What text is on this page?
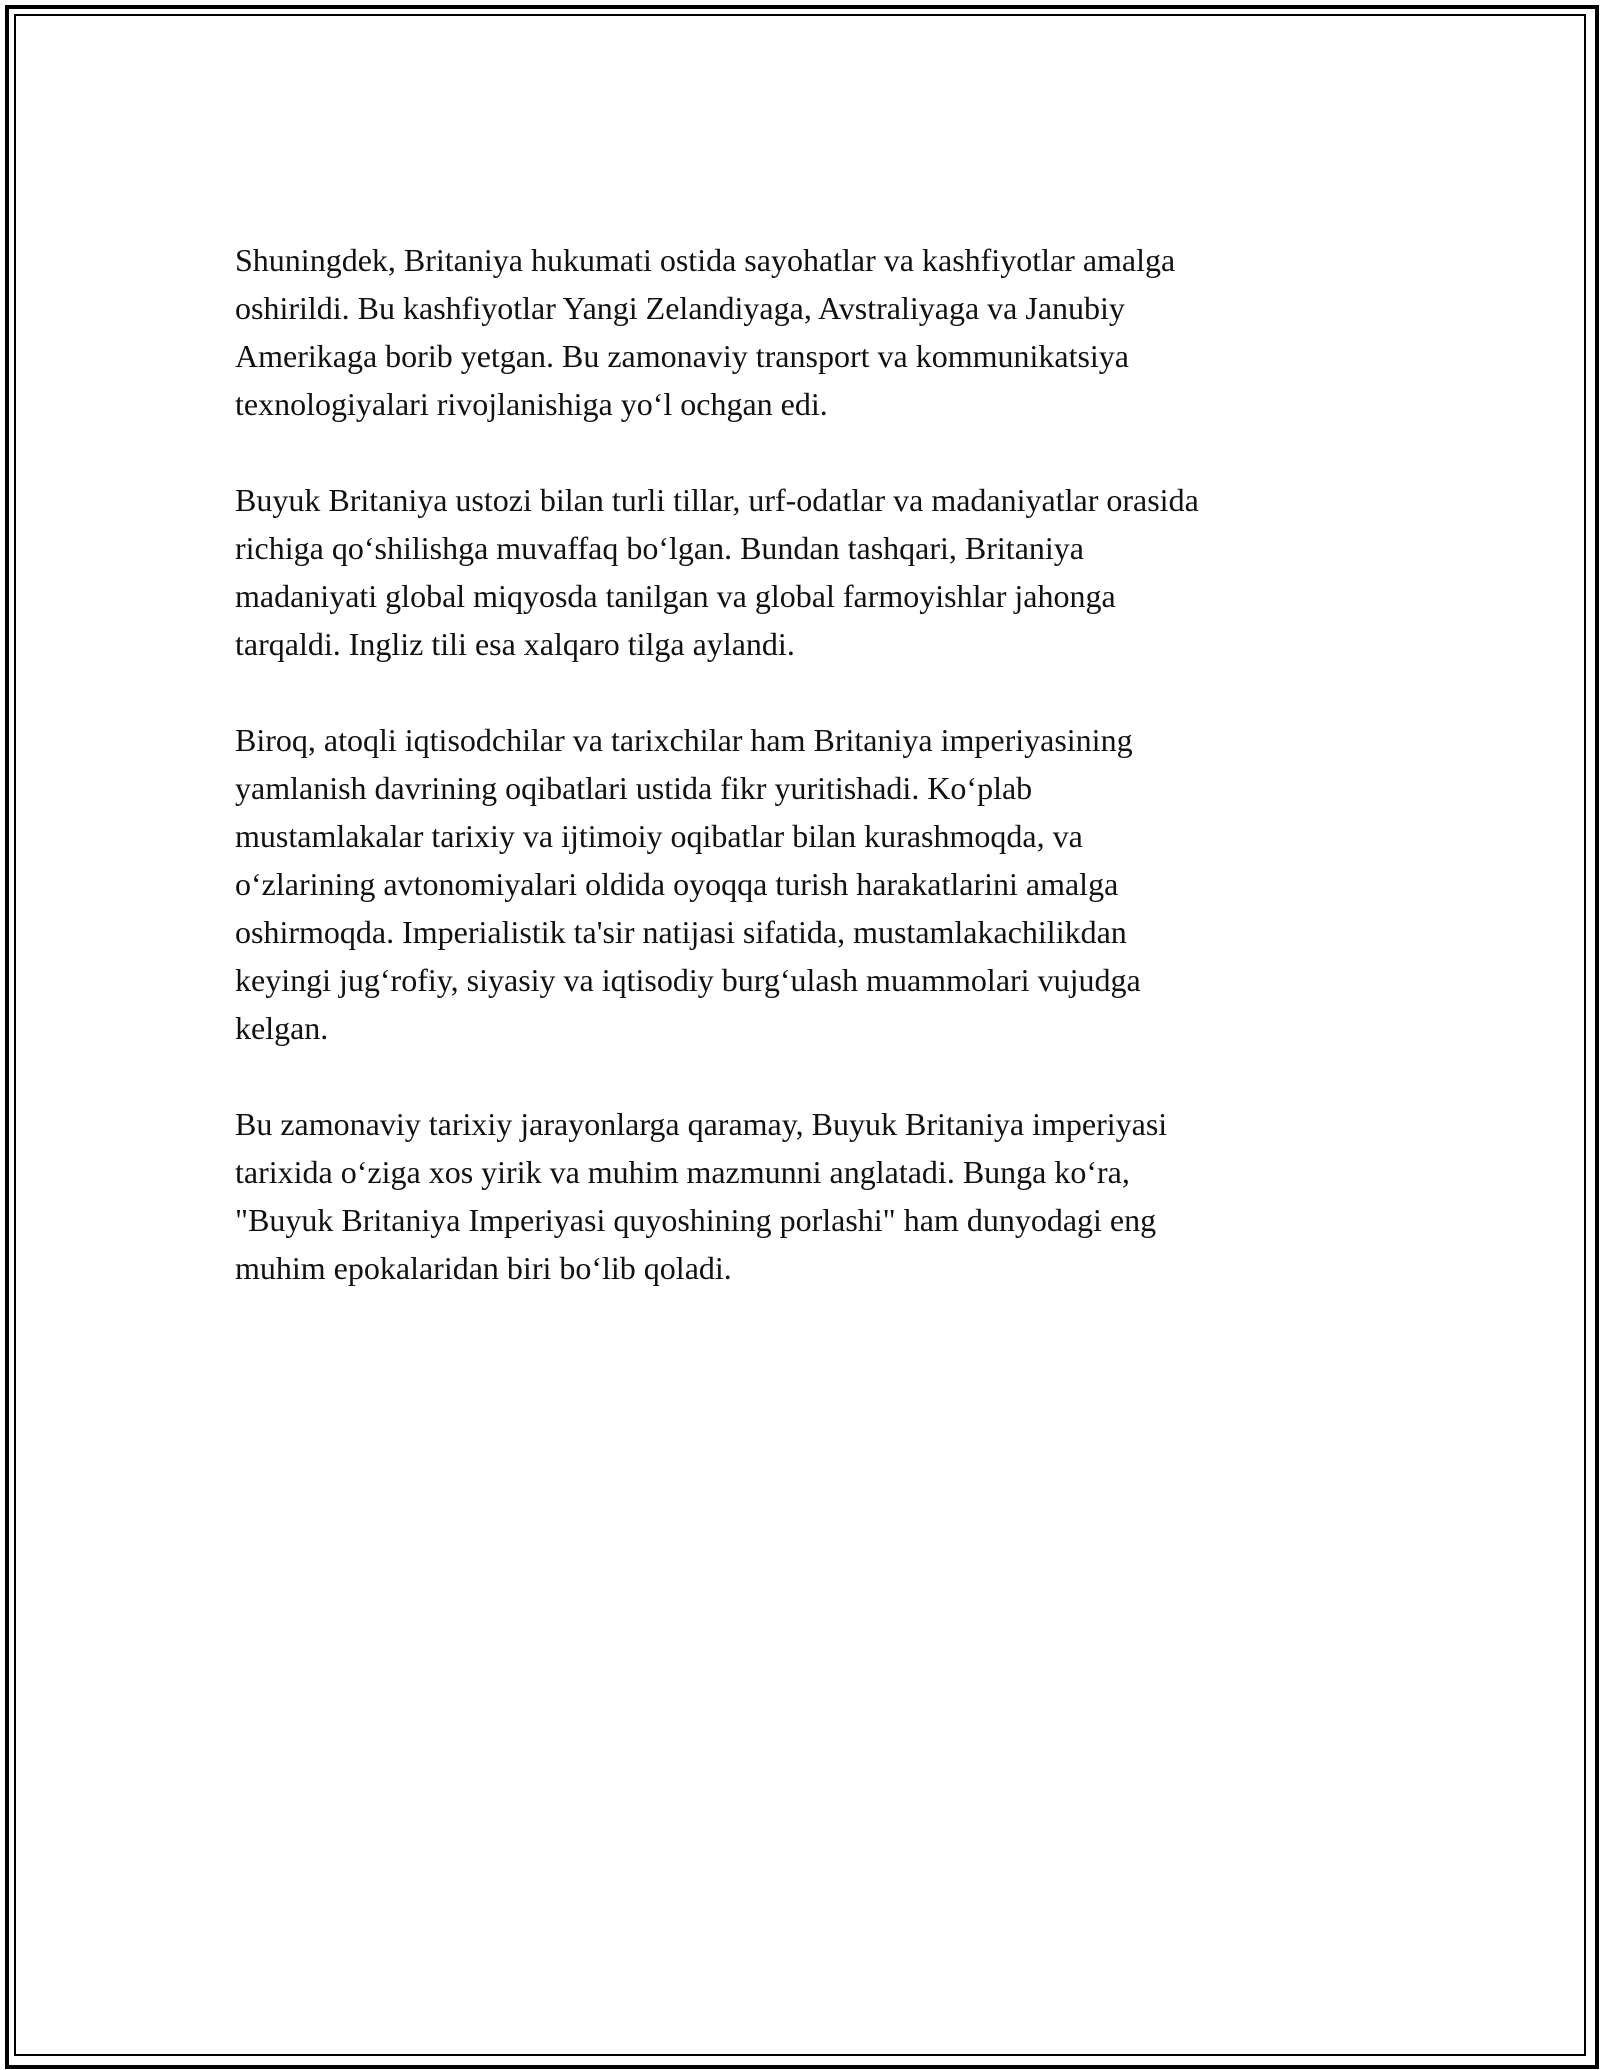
Shuningdek, Britaniya hukumati ostida sayohatlar va kashfiyotlar amalga
oshirildi. Bu kashfiyotlar Yangi Zelandiyaga, Avstraliyaga va Janubiy
Amerikaga borib yetgan. Bu zamonaviy transport va kommunikatsiya
texnologiyalari rivojlanishiga yo‘l ochgan edi.

Buyuk Britaniya ustozi bilan turli tillar, urf-odatlar va madaniyatlar orasida
richiga qo‘shilishga muvaffaq bo‘lgan. Bundan tashqari, Britaniya
madaniyati global miqyosda tanilgan va global farmoyishlar jahonga
tarqaldi. Ingliz tili esa xalqaro tilga aylandi.

Biroq, atoqli iqtisodchilar va tarixchilar ham Britaniya imperiyasining
yamlanish davrining oqibatlari ustida fikr yuritishadi. Ko‘plab
mustamlakalar tarixiy va ijtimoiy oqibatlar bilan kurashmoqda, va
o‘zlarining avtonomiyalari oldida oyoqqa turish harakatlarini amalga
oshirmoqda. Imperialistik ta'sir natijasi sifatida, mustamlakachilikdan
keyingi jug‘rofiy, siyasiy va iqtisodiy burg‘ulash muammolari vujudga
kelgan.

Bu zamonaviy tarixiy jarayonlarga qaramay, Buyuk Britaniya imperiyasi
tarixida o‘ziga xos yirik va muhim mazmunni anglatadi. Bunga ko‘ra,
"Buyuk Britaniya Imperiyasi quyoshining porlashi" ham dunyodagi eng
muhim epokalaridan biri bo‘lib qoladi.
